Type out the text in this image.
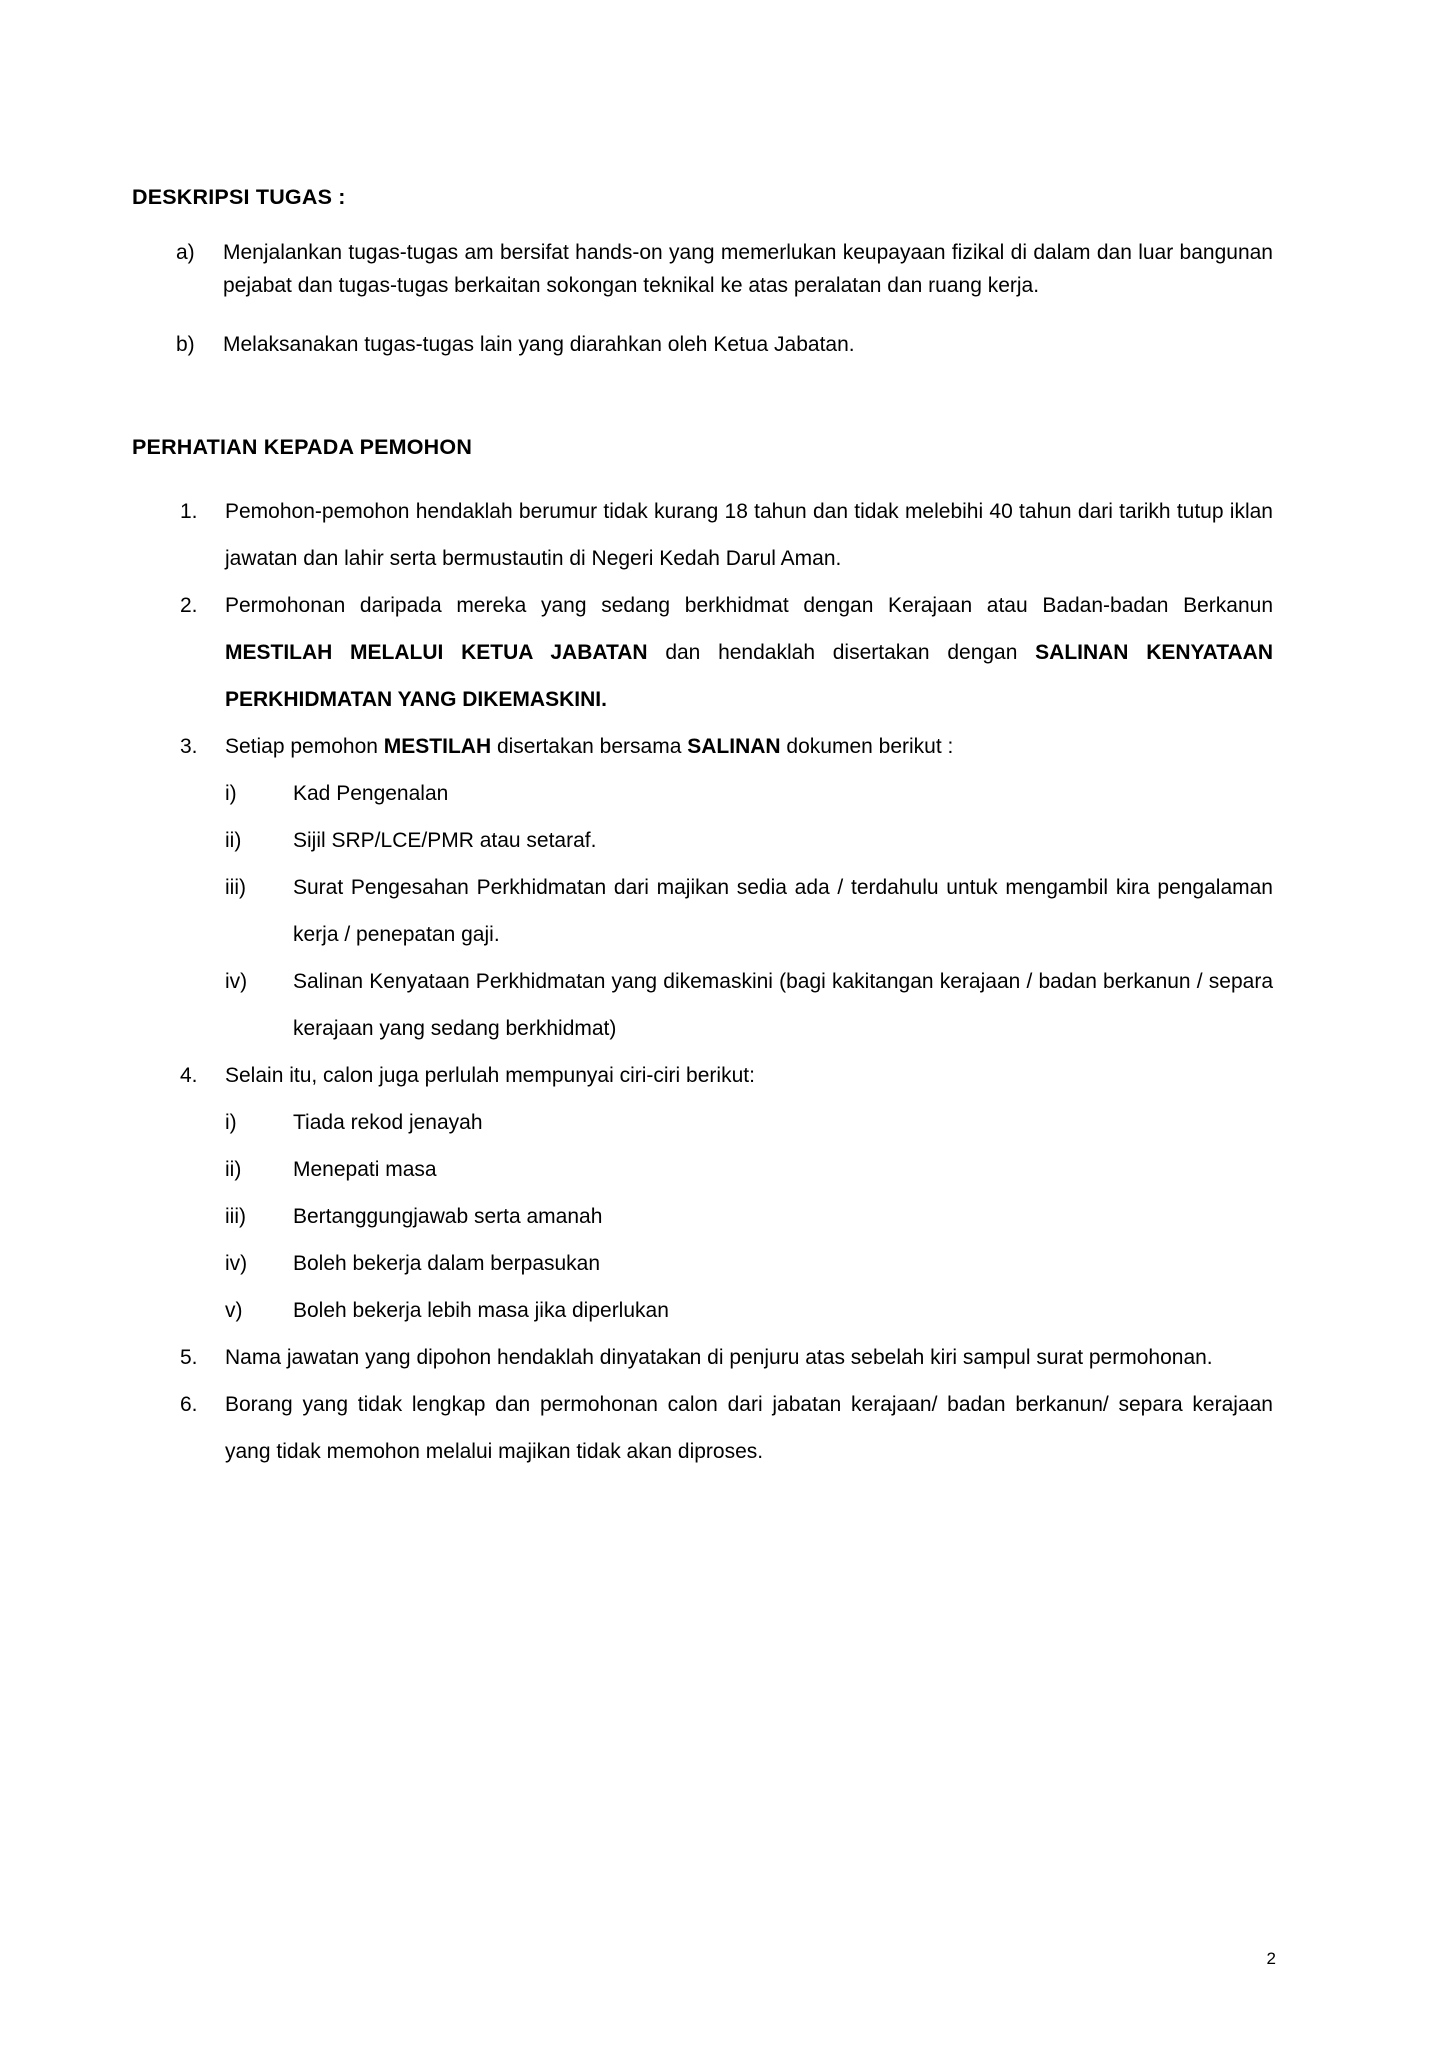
DESKRIPSI TUGAS :
a)	Menjalankan tugas-tugas am bersifat hands-on yang memerlukan keupayaan fizikal di dalam dan luar bangunan pejabat dan tugas-tugas berkaitan sokongan teknikal ke atas peralatan dan ruang kerja.
b)	Melaksanakan tugas-tugas lain yang diarahkan oleh Ketua Jabatan.
PERHATIAN KEPADA PEMOHON
1.	Pemohon-pemohon hendaklah berumur tidak kurang 18 tahun dan tidak melebihi 40 tahun dari tarikh tutup iklan jawatan dan lahir serta bermustautin di Negeri Kedah Darul Aman.
2.	Permohonan daripada mereka yang sedang berkhidmat dengan Kerajaan atau Badan-badan Berkanun MESTILAH MELALUI KETUA JABATAN dan hendaklah disertakan dengan SALINAN KENYATAAN PERKHIDMATAN YANG DIKEMASKINI.
3.	Setiap pemohon MESTILAH disertakan bersama SALINAN dokumen berikut :
i)	Kad Pengenalan
ii)	Sijil SRP/LCE/PMR atau setaraf.
iii)	Surat Pengesahan Perkhidmatan dari majikan sedia ada / terdahulu untuk mengambil kira pengalaman kerja / penepatan gaji.
iv)	Salinan Kenyataan Perkhidmatan yang dikemaskini (bagi kakitangan kerajaan / badan berkanun / separa kerajaan yang sedang berkhidmat)
4.	Selain itu, calon juga perlulah mempunyai ciri-ciri berikut:
i)	Tiada rekod jenayah
ii)	Menepati masa
iii)	Bertanggungjawab serta amanah
iv)	Boleh bekerja dalam berpasukan
v)	Boleh bekerja lebih masa jika diperlukan
5.	Nama jawatan yang dipohon hendaklah dinyatakan di penjuru atas sebelah kiri sampul surat permohonan.
6.	Borang yang tidak lengkap dan permohonan calon dari jabatan kerajaan/ badan berkanun/ separa kerajaan yang tidak memohon melalui majikan tidak akan diproses.
2
